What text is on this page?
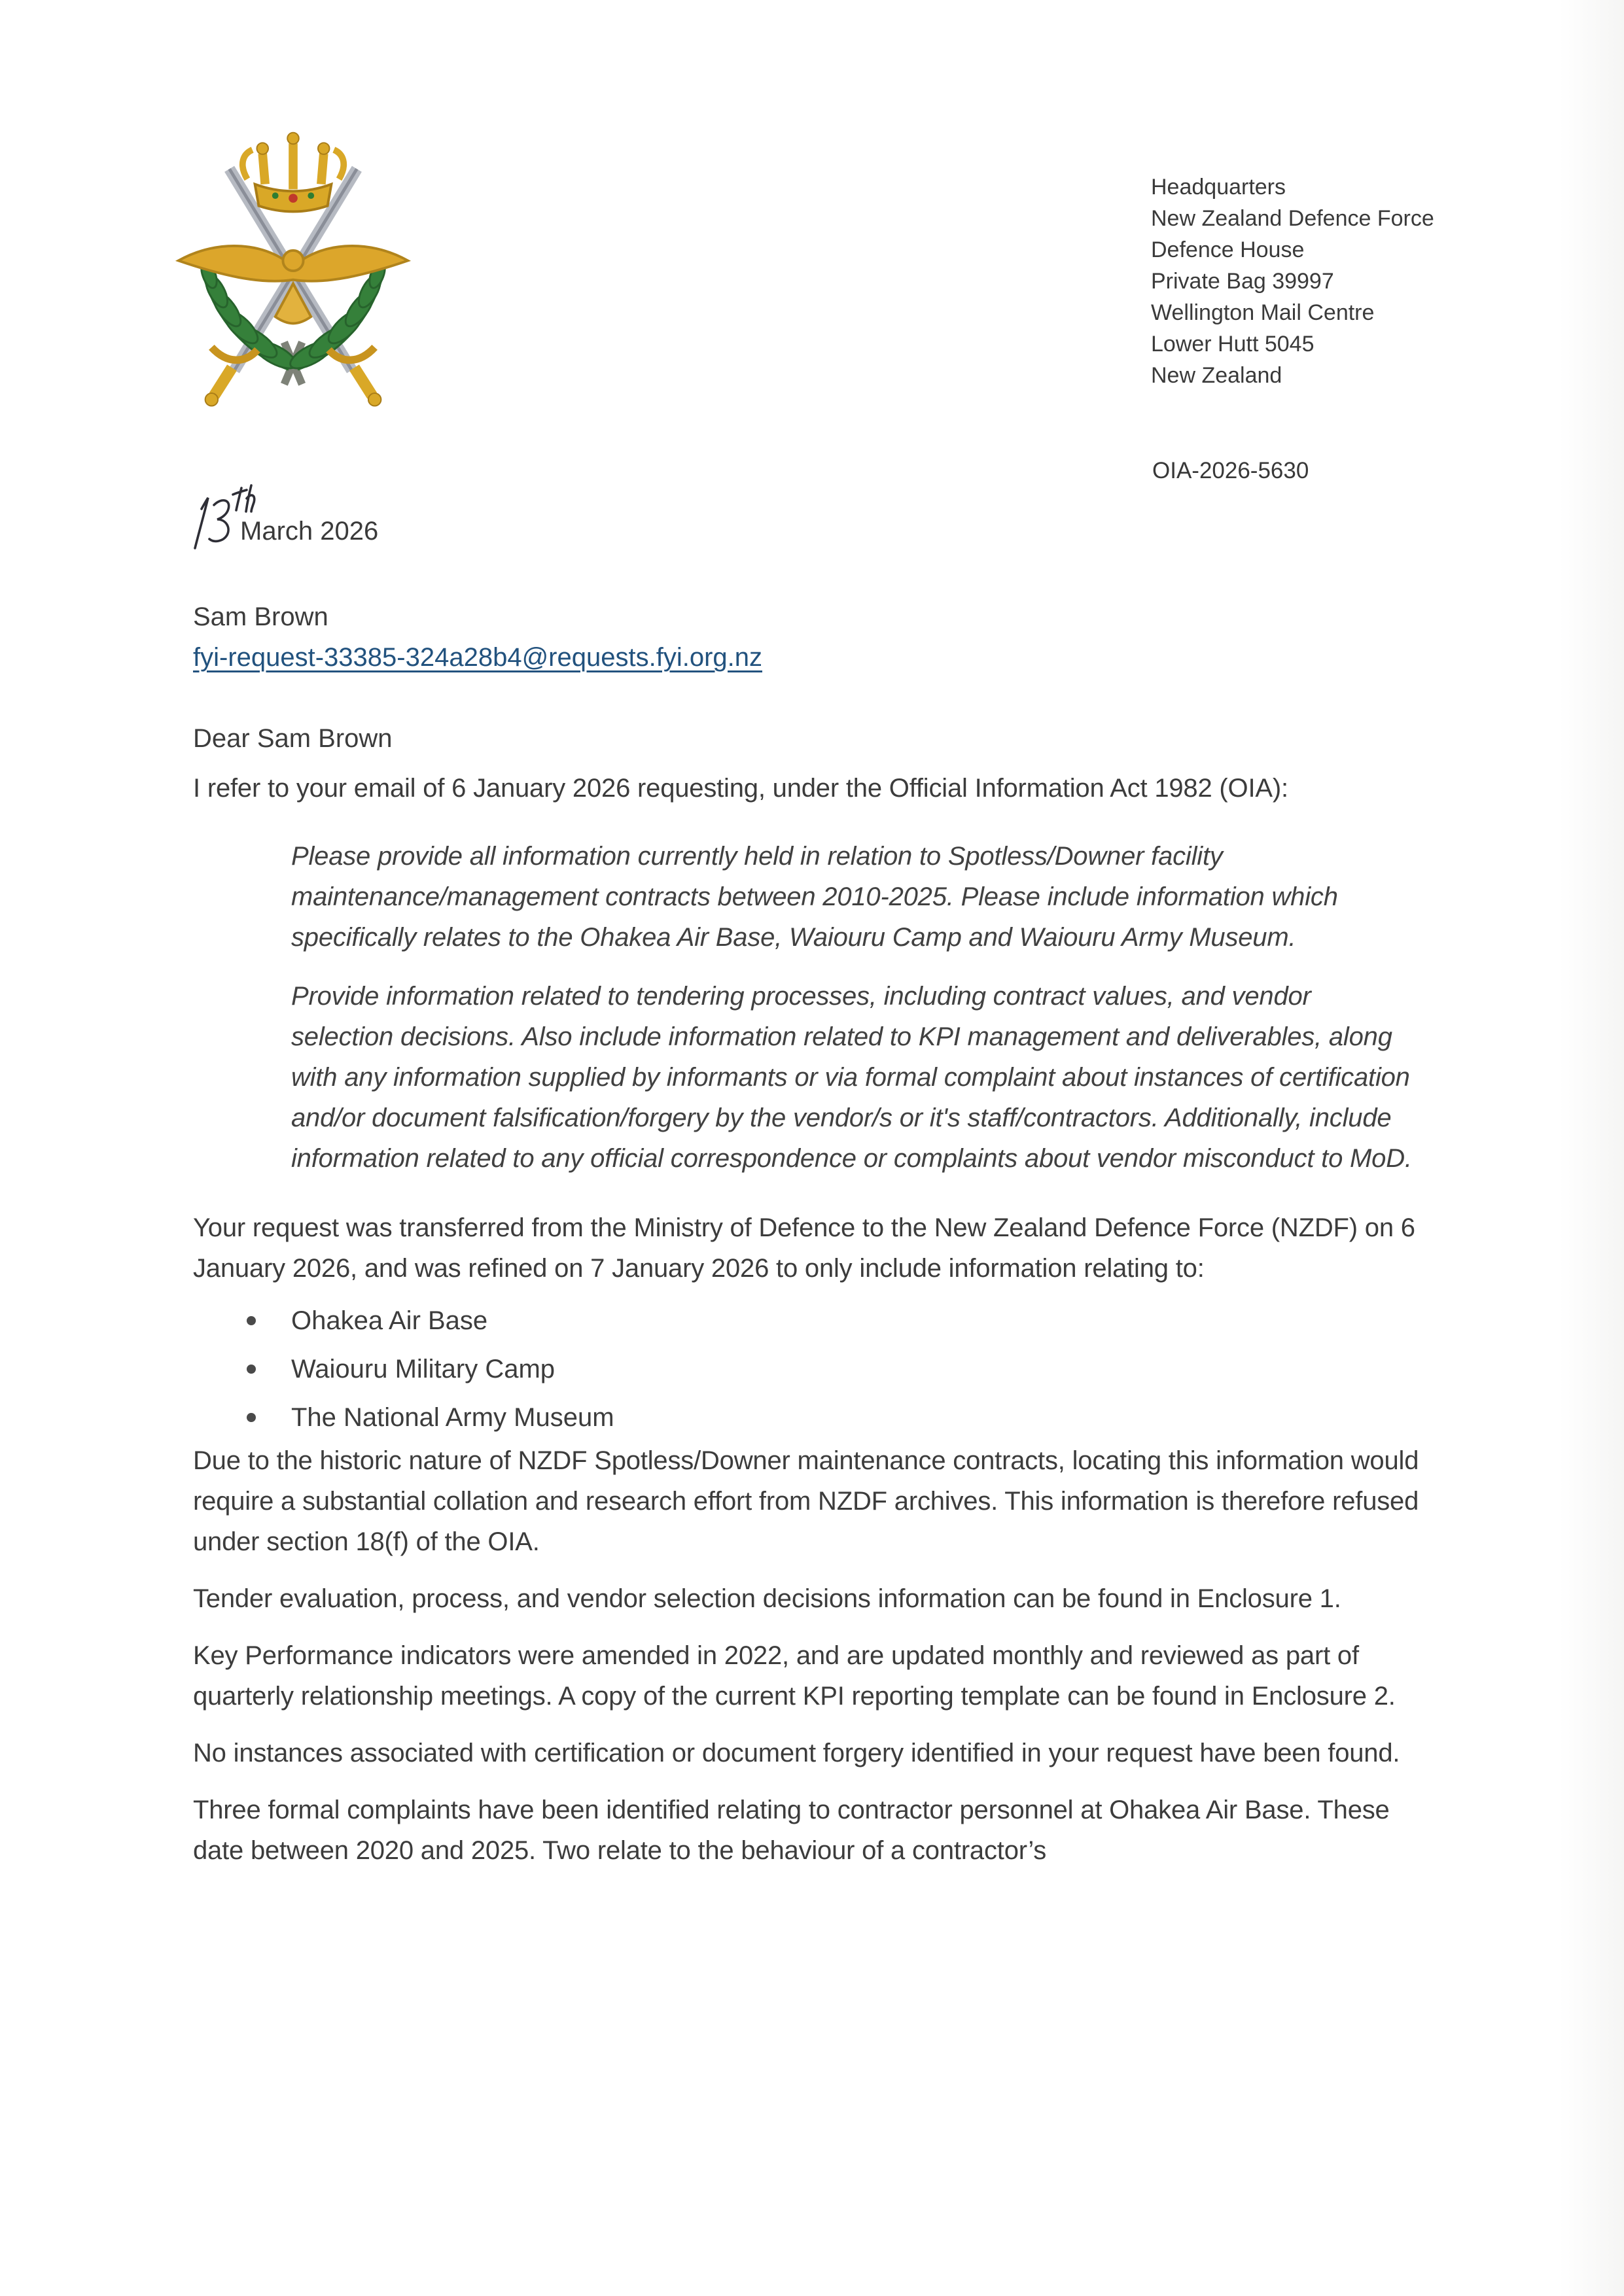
Headquarters
New Zealand Defence Force
Defence House
Private Bag 39997
Wellington Mail Centre
Lower Hutt 5045
New Zealand
OIA-2026-5630
March 2026
Sam Brown
fyi-request-33385-324a28b4@requests.fyi.org.nz
Dear Sam Brown

I refer to your email of 6 January 2026 requesting, under the Official Information Act 1982 (OIA):

Please provide all information currently held in relation to Spotless/Downer facility maintenance/management contracts between 2010-2025. Please include information which specifically relates to the Ohakea Air Base, Waiouru Camp and Waiouru Army Museum.

Provide information related to tendering processes, including contract values, and vendor selection decisions. Also include information related to KPI management and deliverables, along with any information supplied by informants or via formal complaint about instances of certification and/or document falsification/forgery by the vendor/s or it's staff/contractors. Additionally, include information related to any official correspondence or complaints about vendor misconduct to MoD.

Your request was transferred from the Ministry of Defence to the New Zealand Defence Force (NZDF) on 6 January 2026, and was refined on 7 January 2026 to only include information relating to:

Ohakea Air Base
Waiouru Military Camp
The National Army Museum

Due to the historic nature of NZDF Spotless/Downer maintenance contracts, locating this information would require a substantial collation and research effort from NZDF archives. This information is therefore refused under section 18(f) of the OIA.

Tender evaluation, process, and vendor selection decisions information can be found in Enclosure 1.

Key Performance indicators were amended in 2022, and are updated monthly and reviewed as part of quarterly relationship meetings. A copy of the current KPI reporting template can be found in Enclosure 2.

No instances associated with certification or document forgery identified in your request have been found.

Three formal complaints have been identified relating to contractor personnel at Ohakea Air Base. These date between 2020 and 2025. Two relate to the behaviour of a contractor’s
